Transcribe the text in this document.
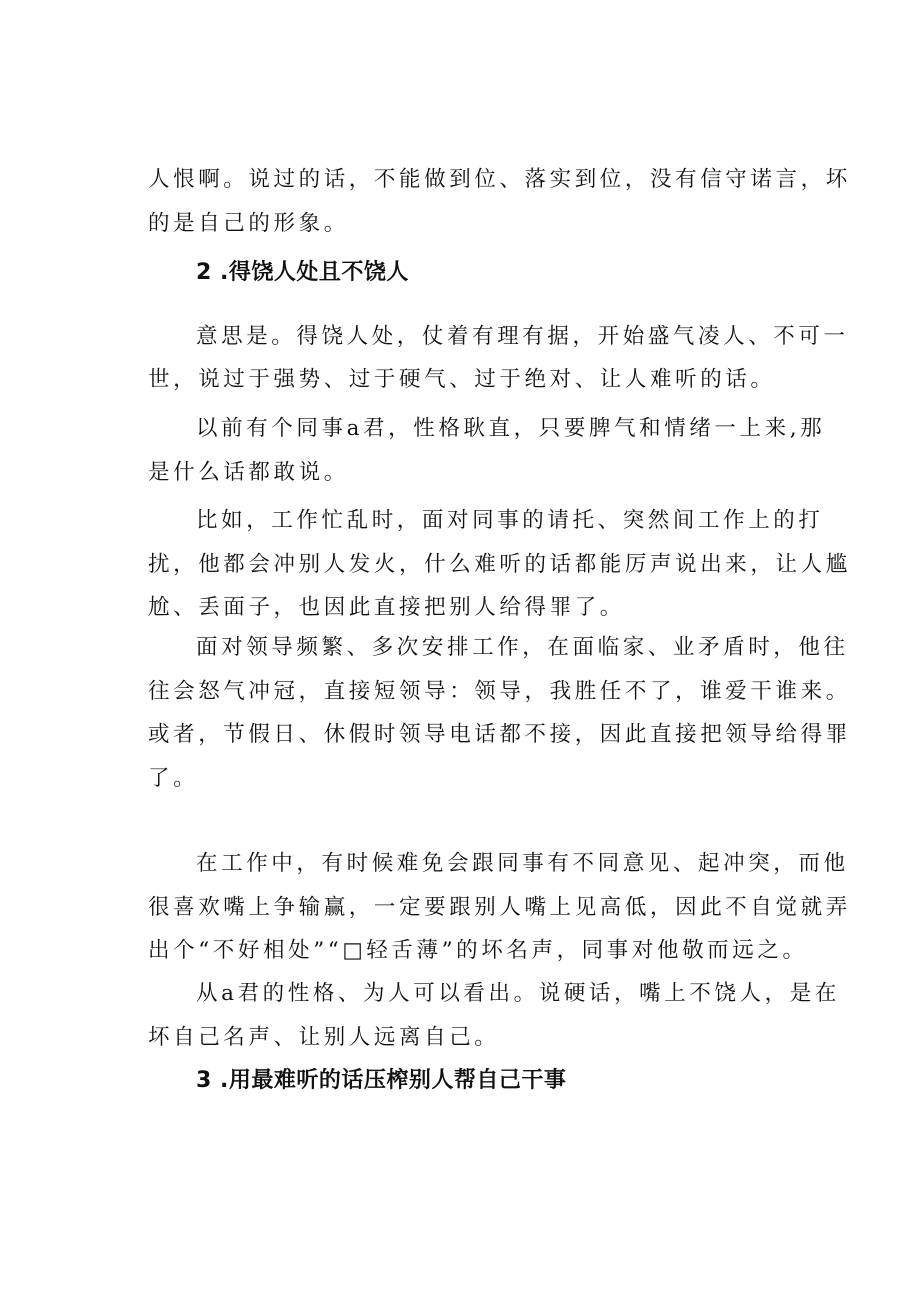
人恨啊。说过的话，不能做到位、落实到位，没有信守诺言，坏
的是自己的形象。
2 .得饶人处且不饶人
意思是。得饶人处，仗着有理有据，开始盛气凌人、不可一
世，说过于强势、过于硬气、过于绝对、让人难听的话。
以前有个同事a君，性格耿直，只要脾气和情绪一上来,那
是什么话都敢说。
比如，工作忙乱时，面对同事的请托、突然间工作上的打
扰，他都会冲别人发火，什么难听的话都能厉声说出来，让人尴
尬、丢面子，也因此直接把别人给得罪了。
面对领导频繁、多次安排工作，在面临家、业矛盾时，他往
往会怒气冲冠，直接短领导：领导，我胜任不了，谁爱干谁来。
或者，节假日、休假时领导电话都不接，因此直接把领导给得罪
了。
在工作中，有时候难免会跟同事有不同意见、起冲突，而他
很喜欢嘴上争输赢，一定要跟别人嘴上见高低，因此不自觉就弄
出个“不好相处”“□轻舌薄”的坏名声，同事对他敬而远之。
从a君的性格、为人可以看出。说硬话，嘴上不饶人，是在
坏自己名声、让别人远离自己。
3 .用最难听的话压榨别人帮自己干事
